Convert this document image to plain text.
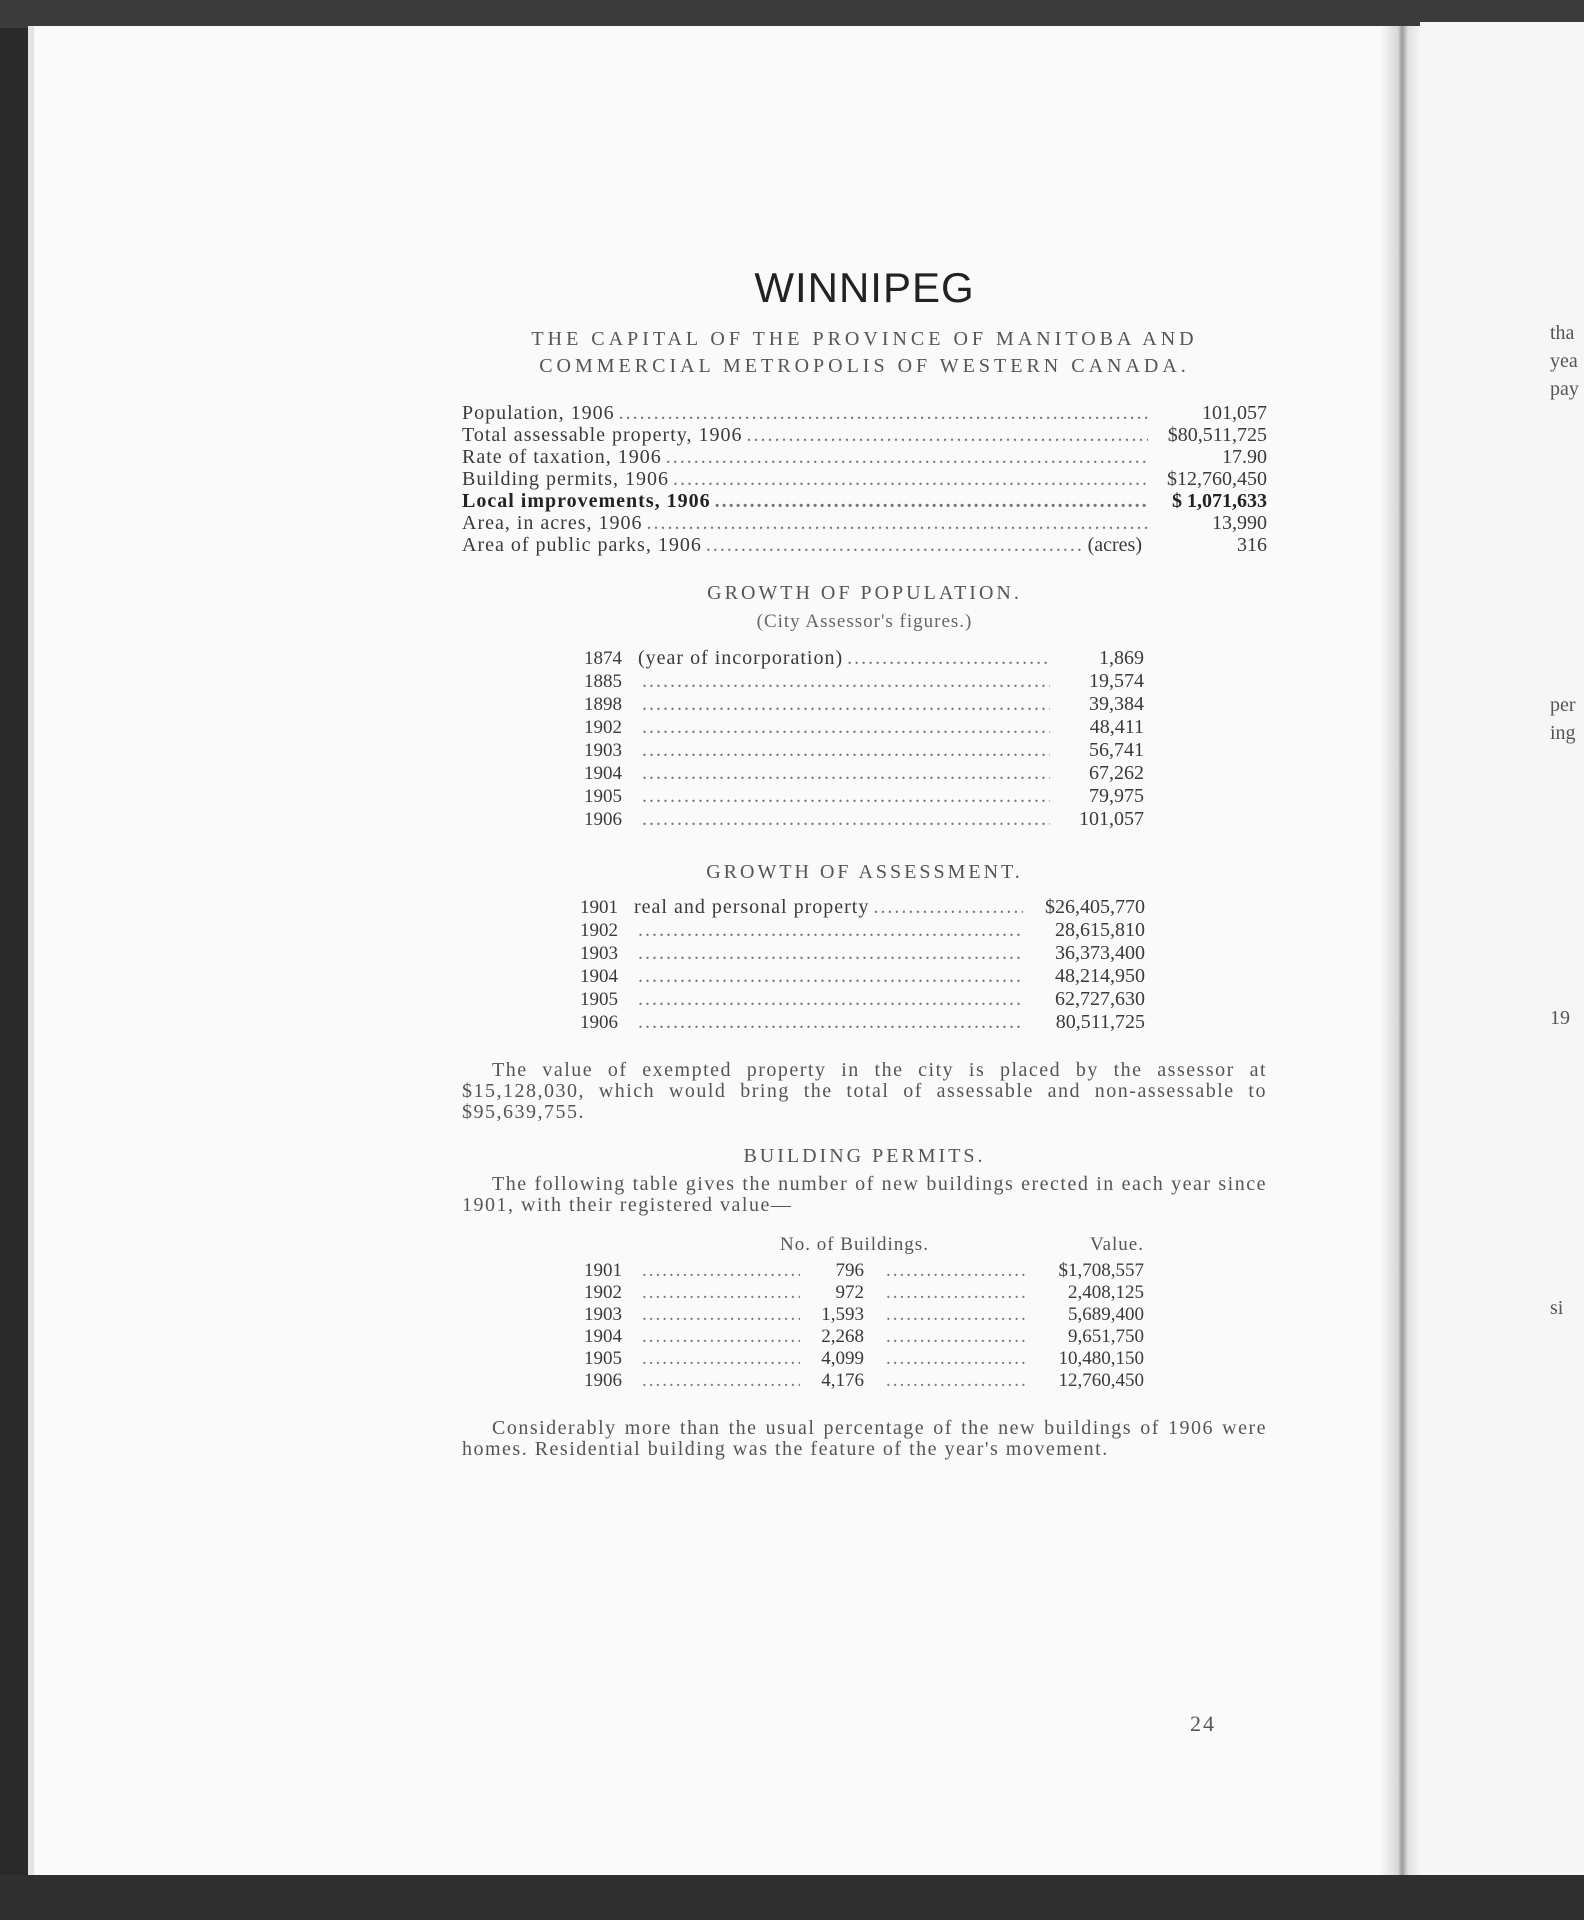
WINNIPEG
THE CAPITAL OF THE PROVINCE OF MANITOBA AND
COMMERCIAL METROPOLIS OF WESTERN CANADA.
Population, 1906 .....	101,057
Total assessable property, 1906 .....	$80,511,725
Rate of taxation, 1906 .....	17.90
Building permits, 1906 .....	$12,760,450
Local improvements, 1906 .....	$ 1,071,633
Area, in acres, 1906 .....	13,990
Area of public parks, 1906 .....	(acres)	316
GROWTH OF POPULATION.
(City Assessor's figures.)
1874 (year of incorporation) .....	1,869
1885 .....	19,574
1898 .....	39,384
1902 .....	48,411
1903 .....	56,741
1904 .....	67,262
1905 .....	79,975
1906 .....	101,057
GROWTH OF ASSESSMENT.
1901 real and personal property .....	$26,405,770
1902 .....	28,615,810
1903 .....	36,373,400
1904 .....	48,214,950
1905 .....	62,727,630
1906 .....	80,511,725
The value of exempted property in the city is placed by the assessor at $15,128,030, which would bring the total of assessable and non-assessable to $95,639,755.
BUILDING PERMITS.
The following table gives the number of new buildings erected in each year since 1901, with their registered value—
No. of Buildings.	Value.
1901 .....	796 .....	$1,708,557
1902 .....	972 .....	2,408,125
1903 .....	1,593 .....	5,689,400
1904 .....	2,268 .....	9,651,750
1905 .....	4,099 .....	10,480,150
1906 .....	4,176 .....	12,760,450
Considerably more than the usual percentage of the new buildings of 1906 were homes. Residential building was the feature of the year's movement.
24
tha
yea
pay
per
ing
19
si
